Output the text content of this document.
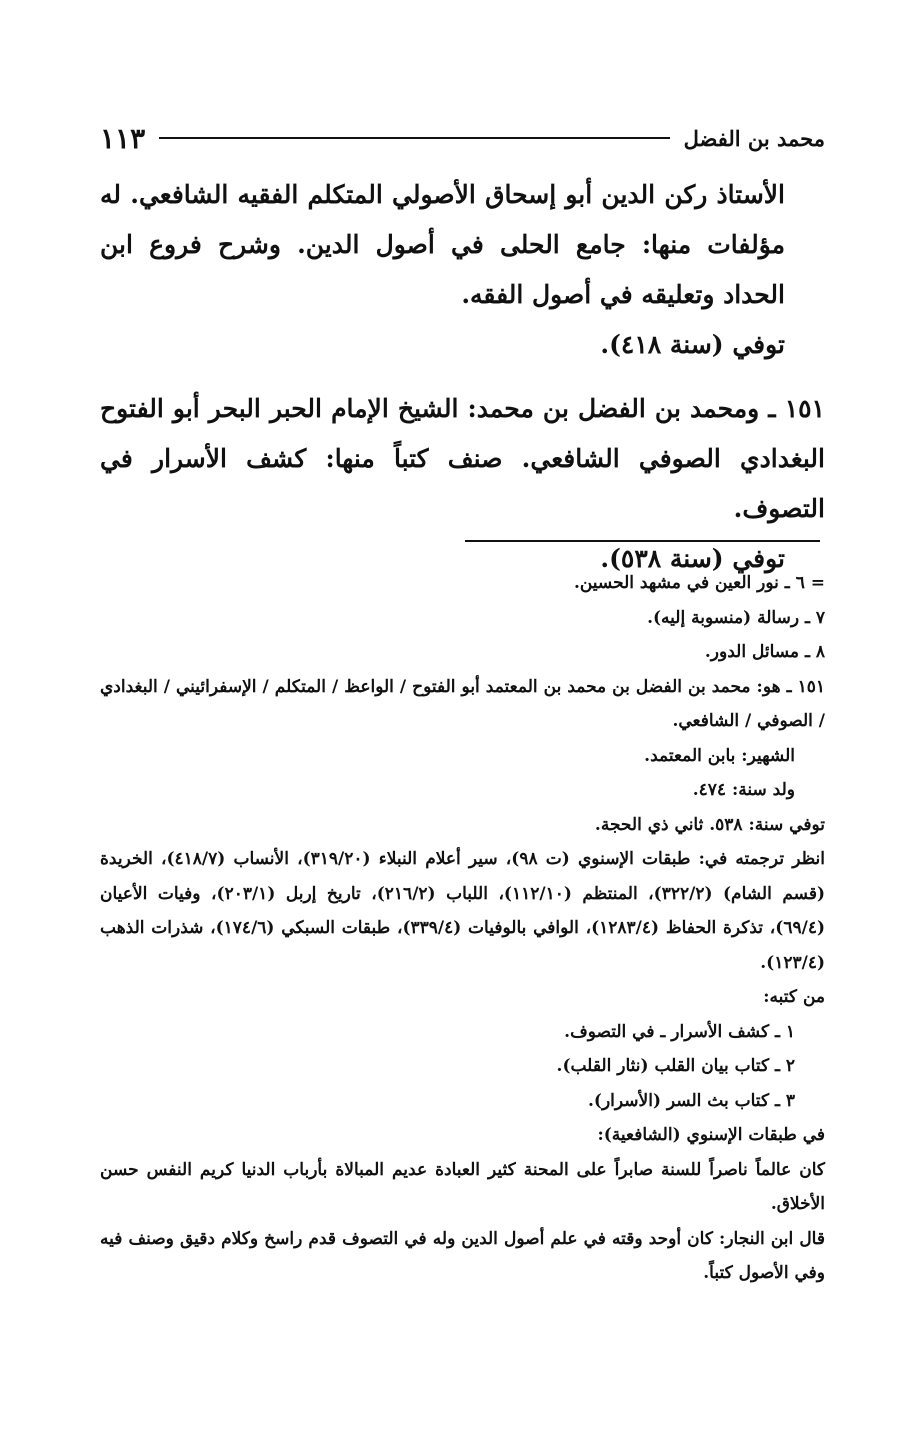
محمد بن الفضل
١١٣

الأستاذ ركن الدين أبو إسحاق الأصولي المتكلم الفقيه الشافعي. له مؤلفات منها: جامع الحلى في أصول الدين. وشرح فروع ابن الحداد وتعليقه في أصول الفقه.

توفي (سنة ٤١٨).

١٥١ ـ ومحمد بن الفضل بن محمد: الشيخ الإمام الحبر البحر أبو الفتوح البغدادي الصوفي الشافعي. صنف كتباً منها: كشف الأسرار في التصوف.

توفي (سنة ٥٣٨).

= ٦ ـ نور العين في مشهد الحسين.

٧ ـ رسالة (منسوبة إليه).

٨ ـ مسائل الدور.

١٥١ ـ هو: محمد بن الفضل بن محمد بن المعتمد أبو الفتوح / الواعظ / المتكلم / الإسفرائيني / البغدادي / الصوفي / الشافعي.

الشهير: بابن المعتمد.

ولد سنة: ٤٧٤.

توفي سنة: ٥٣٨. ثاني ذي الحجة.

انظر ترجمته في: طبقات الإسنوي (ت ٩٨)، سير أعلام النبلاء (٣١٩/٢٠)، الأنساب (٤١٨/٧)، الخريدة (قسم الشام) (٣٢٢/٢)، المنتظم (١١٢/١٠)، اللباب (٢١٦/٢)، تاريخ إربل (٢٠٣/١)، وفيات الأعيان (٦٩/٤)، تذكرة الحفاظ (١٢٨٣/٤)، الوافي بالوفيات (٣٣٩/٤)، طبقات السبكي (١٧٤/٦)، شذرات الذهب (١٢٣/٤).

من كتبه:

١ ـ كشف الأسرار ـ في التصوف.

٢ ـ كتاب بيان القلب (نثار القلب).

٣ ـ كتاب بث السر (الأسرار).

في طبقات الإسنوي (الشافعية):

كان عالماً ناصراً للسنة صابراً على المحنة كثير العبادة عديم المبالاة بأرباب الدنيا كريم النفس حسن الأخلاق.

قال ابن النجار: كان أوحد وقته في علم أصول الدين وله في التصوف قدم راسخ وكلام دقيق وصنف فيه وفي الأصول كتباً.
